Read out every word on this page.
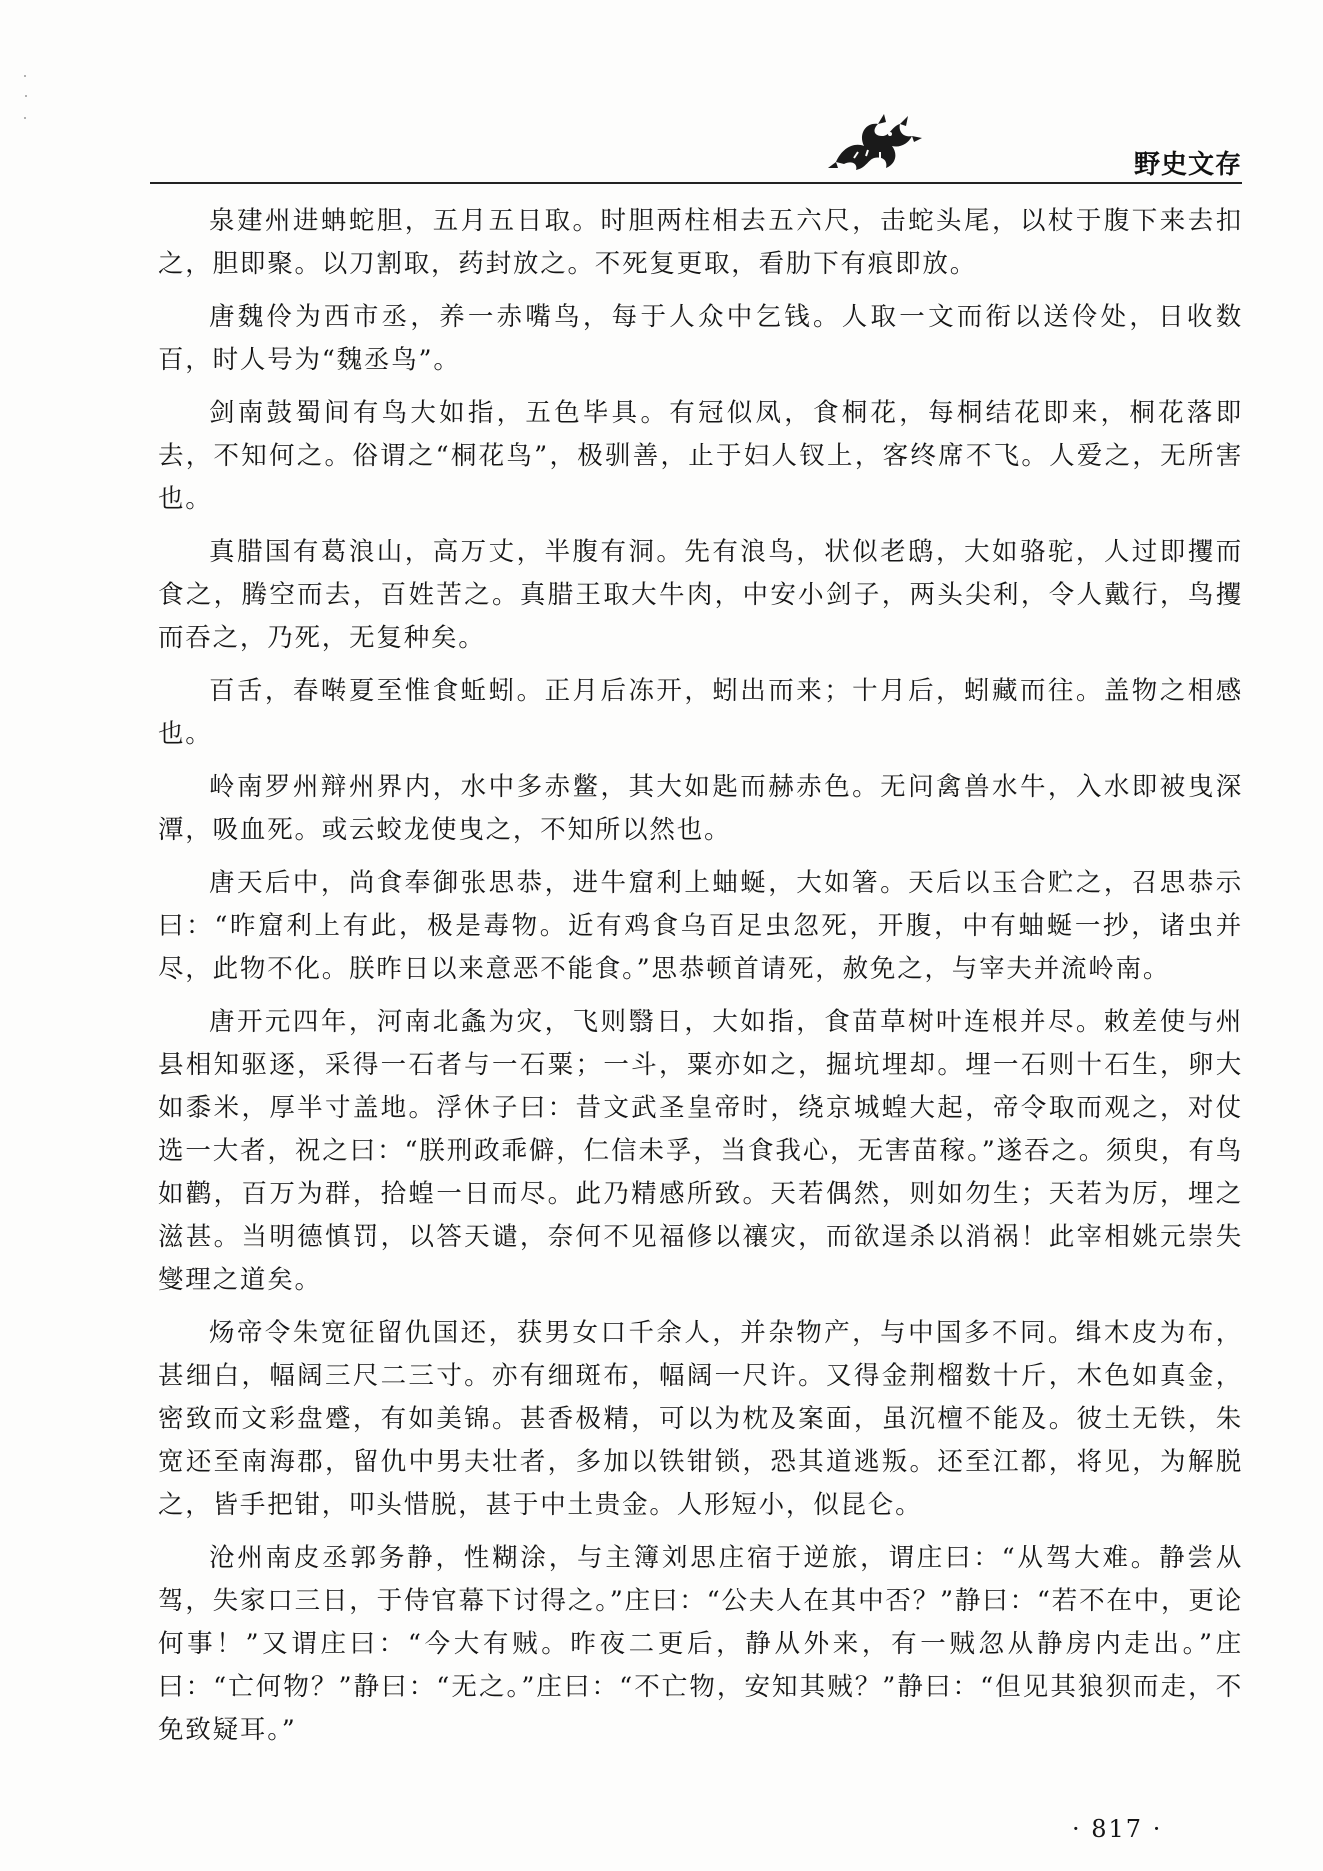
野史文存

泉建州进蚺蛇胆，五月五日取。时胆两柱相去五六尺，击蛇头尾，以杖于腹下来去扣之，胆即聚。以刀割取，药封放之。不死复更取，看肋下有痕即放。

唐魏伶为西市丞，养一赤嘴鸟，每于人众中乞钱。人取一文而衔以送伶处，日收数百，时人号为“魏丞鸟”。

剑南鼓蜀间有鸟大如指，五色毕具。有冠似凤，食桐花，每桐结花即来，桐花落即去，不知何之。俗谓之“桐花鸟”，极驯善，止于妇人钗上，客终席不飞。人爱之，无所害也。

真腊国有葛浪山，高万丈，半腹有洞。先有浪鸟，状似老鸱，大如骆驼，人过即攫而食之，腾空而去，百姓苦之。真腊王取大牛肉，中安小剑子，两头尖利，令人戴行，鸟攫而吞之，乃死，无复种矣。

百舌，春啭夏至惟食蚯蚓。正月后冻开，蚓出而来；十月后，蚓藏而往。盖物之相感也。

岭南罗州辩州界内，水中多赤鳖，其大如匙而赫赤色。无问禽兽水牛，入水即被曳深潭，吸血死。或云蛟龙使曳之，不知所以然也。

唐天后中，尚食奉御张思恭，进牛窟利上蚰蜒，大如箸。天后以玉合贮之，召思恭示曰：“昨窟利上有此，极是毒物。近有鸡食乌百足虫忽死，开腹，中有蚰蜒一抄，诸虫并尽，此物不化。朕昨日以来意恶不能食。”思恭顿首请死，赦免之，与宰夫并流岭南。

唐开元四年，河南北螽为灾，飞则翳日，大如指，食苗草树叶连根并尽。敕差使与州县相知驱逐，采得一石者与一石粟；一斗，粟亦如之，掘坑埋却。埋一石则十石生，卵大如黍米，厚半寸盖地。浮休子曰：昔文武圣皇帝时，绕京城蝗大起，帝令取而观之，对仗选一大者，祝之曰：“朕刑政乖僻，仁信未孚，当食我心，无害苗稼。”遂吞之。须臾，有鸟如鹳，百万为群，拾蝗一日而尽。此乃精感所致。天若偶然，则如勿生；天若为厉，埋之滋甚。当明德慎罚，以答天谴，奈何不见福修以禳灾，而欲逞杀以消祸！此宰相姚元崇失燮理之道矣。

炀帝令朱宽征留仇国还，获男女口千余人，并杂物产，与中国多不同。缉木皮为布，甚细白，幅阔三尺二三寸。亦有细斑布，幅阔一尺许。又得金荆榴数十斤，木色如真金，密致而文彩盘蹙，有如美锦。甚香极精，可以为枕及案面，虽沉檀不能及。彼土无铁，朱宽还至南海郡，留仇中男夫壮者，多加以铁钳锁，恐其道逃叛。还至江都，将见，为解脱之，皆手把钳，叩头惜脱，甚于中土贵金。人形短小，似昆仑。

沧州南皮丞郭务静，性糊涂，与主簿刘思庄宿于逆旅，谓庄曰：“从驾大难。静尝从驾，失家口三日，于侍官幕下讨得之。”庄曰：“公夫人在其中否？”静曰：“若不在中，更论何事！”又谓庄曰：“今大有贼。昨夜二更后，静从外来，有一贼忽从静房内走出。”庄曰：“亡何物？”静曰：“无之。”庄曰：“不亡物，安知其贼？”静曰：“但见其狼狈而走，不免致疑耳。”

· 817 ·
